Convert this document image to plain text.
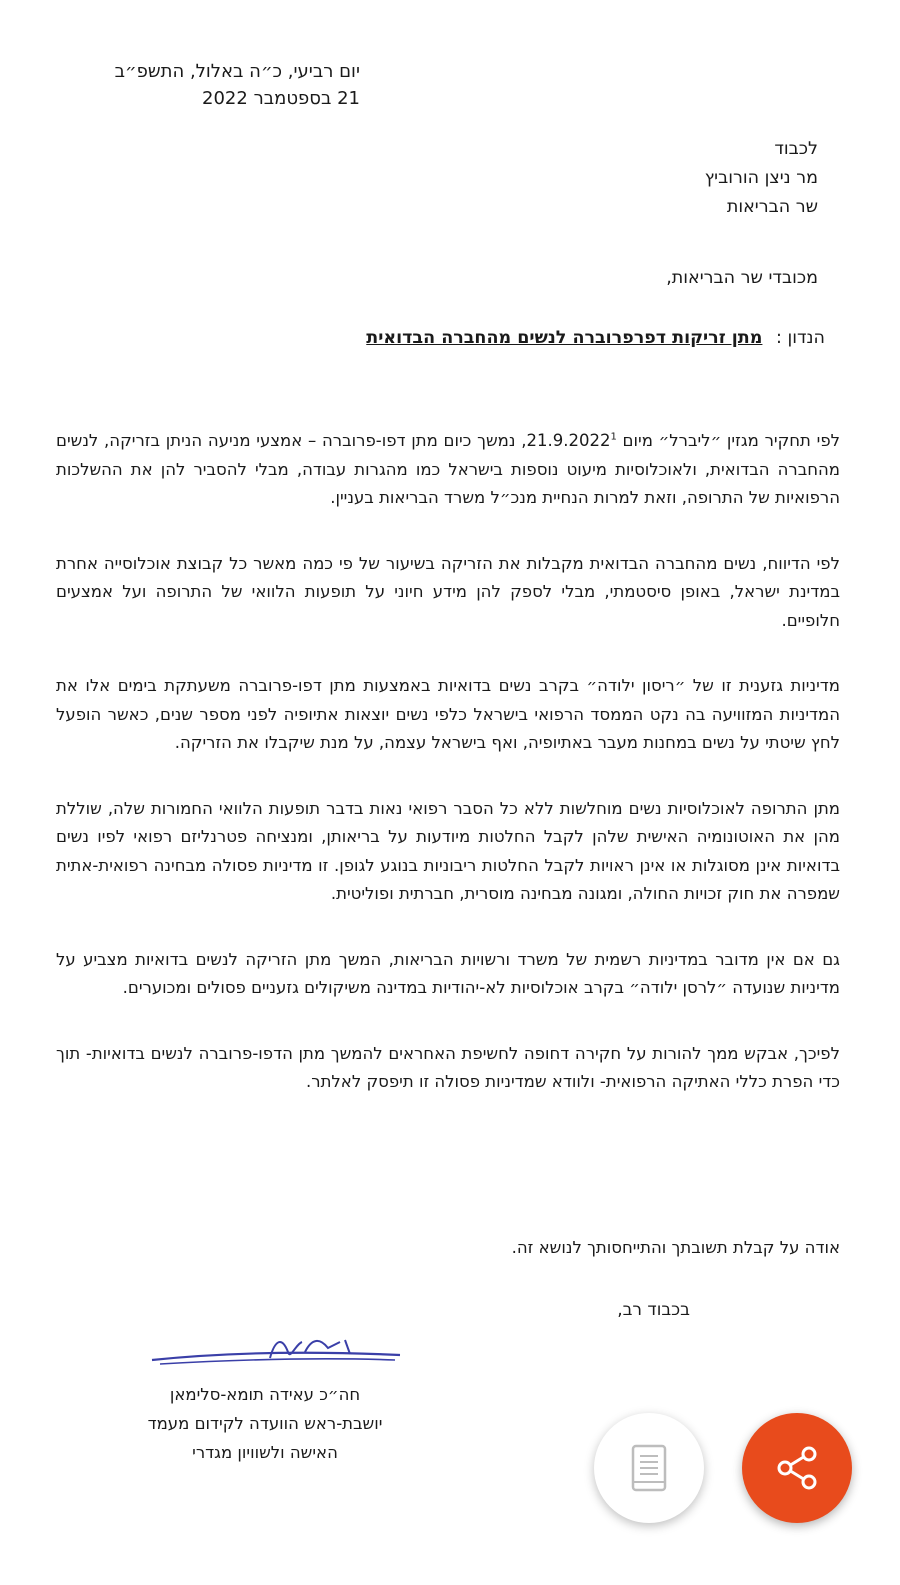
יום רביעי, כ״ה באלול, התשפ״ב
21 בספטמבר 2022
לכבוד
מר ניצן הורוביץ
שר הבריאות
מכובדי שר הבריאות,
הנדון : מתן זריקות דפרפרוברה לנשים מהחברה הבדואית

לפי תחקיר מגזין ״ליברל״ מיום 21.9.2022$^1$, נמשך כיום מתן דפו-פרוברה – אמצעי מניעה הניתן בזריקה, לנשים מהחברה הבדואית, ולאוכלוסיות מיעוט נוספות בישראל כמו מהגרות עבודה, מבלי להסביר להן את ההשלכות הרפואיות של התרופה, וזאת למרות הנחיית מנכ״ל משרד הבריאות בעניין.

לפי הדיווח, נשים מהחברה הבדואית מקבלות את הזריקה בשיעור של פי כמה מאשר כל קבוצת אוכלוסייה אחרת במדינת ישראל, באופן סיסטמתי, מבלי לספק להן מידע חיוני על תופעות הלוואי של התרופה ועל אמצעים חלופיים.

מדיניות גזענית זו של ״ריסון ילודה״ בקרב נשים בדואיות באמצעות מתן דפו-פרוברה משעתקת בימים אלו את המדיניות המזוויעה בה נקט הממסד הרפואי בישראל כלפי נשים יוצאות אתיופיה לפני מספר שנים, כאשר הופעל לחץ שיטתי על נשים במחנות מעבר באתיופיה, ואף בישראל עצמה, על מנת שיקבלו את הזריקה.

מתן התרופה לאוכלוסיות נשים מוחלשות ללא כל הסבר רפואי נאות בדבר תופעות הלוואי החמורות שלה, שוללת מהן את האוטונומיה האישית שלהן לקבל החלטות מיודעות על בריאותן, ומנציחה פטרנליזם רפואי לפיו נשים בדואיות אינן מסוגלות או אינן ראויות לקבל החלטות ריבוניות בנוגע לגופן. זו מדיניות פסולה מבחינה רפואית-אתית שמפרה את חוק זכויות החולה, ומגונה מבחינה מוסרית, חברתית ופוליטית.

גם אם אין מדובר במדיניות רשמית של משרד ורשויות הבריאות, המשך מתן הזריקה לנשים בדואיות מצביע על מדיניות שנועדה ״לרסן ילודה״ בקרב אוכלוסיות לא-יהודיות במדינה משיקולים גזעניים פסולים ומכוערים.

לפיכך, אבקש ממך להורות על חקירה דחופה לחשיפת האחראים להמשך מתן הדפו-פרוברה לנשים בדואיות- תוך כדי הפרת כללי האתיקה הרפואית- ולוודא שמדיניות פסולה זו תיפסק לאלתר.

אודה על קבלת תשובתך והתייחסותך לנושא זה.
בכבוד רב,
חה״כ עאידה תומא-סלימאן
יושבת-ראש הוועדה לקידום מעמד
האישה ולשוויון מגדרי
